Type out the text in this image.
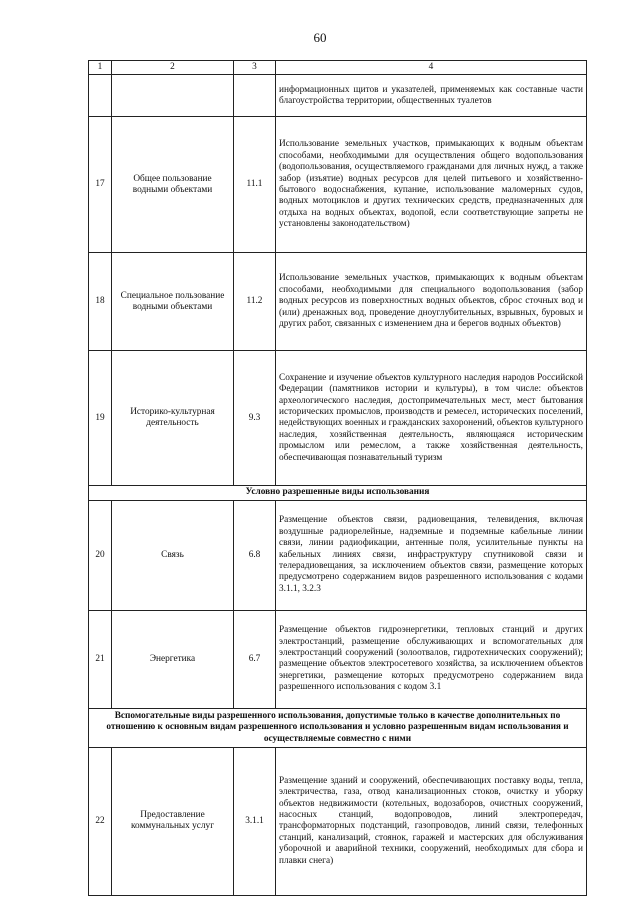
60
1	2	3	4
			информационных щитов и указателей, применяемых как составные части благоустройства территории, общественных туалетов
17	Общее пользование водными объектами	11.1	Использование земельных участков, примыкающих к водным объектам способами, необходимыми для осуществления общего водопользования (водопользования, осуществляемого гражданами для личных нужд, а также забор (изъятие) водных ресурсов для целей питьевого и хозяйственно-бытового водоснабжения, купание, использование маломерных судов, водных мотоциклов и других технических средств, предназначенных для отдыха на водных объектах, водопой, если соответствующие запреты не установлены законодательством)
18	Специальное пользование водными объектами	11.2	Использование земельных участков, примыкающих к водным объектам способами, необходимыми для специального водопользования (забор водных ресурсов из поверхностных водных объектов, сброс сточных вод и (или) дренажных вод, проведение дноуглубительных, взрывных, буровых и других работ, связанных с изменением дна и берегов водных объектов)
19	Историко-культурная деятельность	9.3	Сохранение и изучение объектов культурного наследия народов Российской Федерации (памятников истории и культуры), в том числе: объектов археологического наследия, достопримечательных мест, мест бытования исторических промыслов, производств и ремесел, исторических поселений, недействующих военных и гражданских захоронений, объектов культурного наследия, хозяйственная деятельность, являющаяся историческим промыслом или ремеслом, а также хозяйственная деятельность, обеспечивающая познавательный туризм
Условно разрешенные виды использования			
20	Связь	6.8	Размещение объектов связи, радиовещания, телевидения, включая воздушные радиорелейные, надземные и подземные кабельные линии связи, линии радиофикации, антенные поля, усилительные пункты на кабельных линиях связи, инфраструктуру спутниковой связи и телерадиовещания, за исключением объектов связи, размещение которых предусмотрено содержанием видов разрешенного использования с кодами 3.1.1, 3.2.3
21	Энергетика	6.7	Размещение объектов гидроэнергетики, тепловых станций и других электростанций, размещение обслуживающих и вспомогательных для электростанций сооружений (золоотвалов, гидротехнических сооружений); размещение объектов электросетевого хозяйства, за исключением объектов энергетики, размещение которых предусмотрено содержанием вида разрешенного использования с кодом 3.1
Вспомогательные виды разрешенного использования, допустимые только в качестве дополнительных по отношению к основным видам разрешенного использования и условно разрешенным видам использования и осуществляемые совместно с ними			
22	Предоставление коммунальных услуг	3.1.1	Размещение зданий и сооружений, обеспечивающих поставку воды, тепла, электричества, газа, отвод канализационных стоков, очистку и уборку объектов недвижимости (котельных, водозаборов, очистных сооружений, насосных станций, водопроводов, линий электропередач, трансформаторных подстанций, газопроводов, линий связи, телефонных станций, канализаций, стоянок, гаражей и мастерских для обслуживания уборочной и аварийной техники, сооружений, необходимых для сбора и плавки снега)
